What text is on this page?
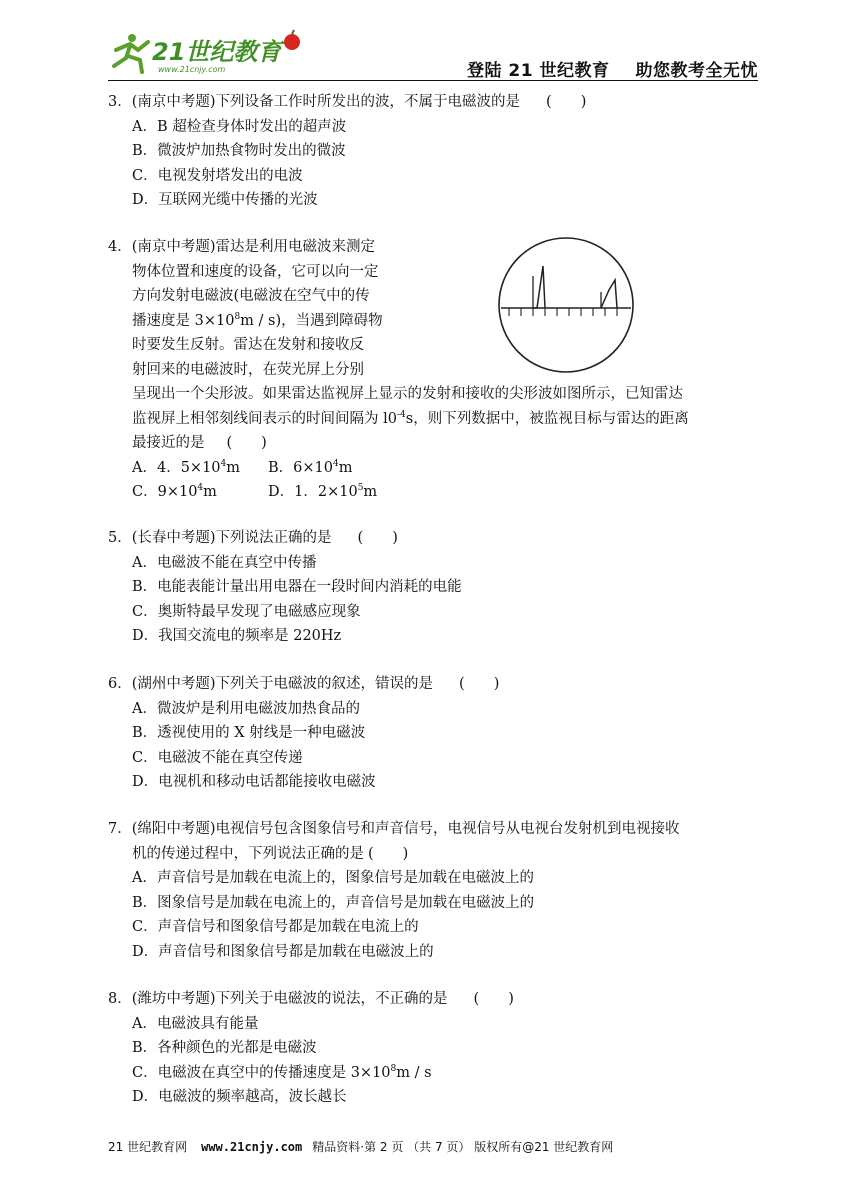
21世纪教育
www.21cnjy.com	登陆 21 世纪教育 助您教考全无忧
3．(南京中考题)下列设备工作时所发出的波，不属于电磁波的是 (　　)
A．B 超检查身体时发出的超声波
B．微波炉加热食物时发出的微波
C．电视发射塔发出的电波
D．互联网光缆中传播的光波
4．(南京中考题)雷达是利用电磁波来测定
物体位置和速度的设备，它可以向一定
方向发射电磁波(电磁波在空气中的传
播速度是 $3\times 10^8m / s$)，当遇到障碍物
时要发生反射。雷达在发射和接收反
射回来的电磁波时，在荧光屏上分别
呈现出一个尖形波。如果雷达监视屏上显示的发射和接收的尖形波如图所示，已知雷达
监视屏上相邻刻线间表示的时间间隔为 $l0^{-4}s$，则下列数据中，被监视目标与雷达的距离
最接近的是 (　　)
A．4．$5\times 10^4m$	B．$6\times 10^4m$
C．$9\times 10^4m$	D．1．$2\times 10^5m$
5．(长春中考题)下列说法正确的是 (　　)
A．电磁波不能在真空中传播
B．电能表能计量出用电器在一段时间内消耗的电能
C．奥斯特最早发现了电磁感应现象
D．我国交流电的频率是 220Hz
6．(湖州中考题)下列关于电磁波的叙述，错误的是 (　　)
A．微波炉是利用电磁波加热食品的
B．透视使用的 X 射线是一种电磁波
C．电磁波不能在真空传递
D．电视机和移动电话都能接收电磁波
7．(绵阳中考题)电视信号包含图象信号和声音信号，电视信号从电视台发射机到电视接收
机的传递过程中，下列说法正确的是 (　　)
A．声音信号是加载在电流上的，图象信号是加载在电磁波上的
B．图象信号是加载在电流上的，声音信号是加载在电磁波上的
C．声音信号和图象信号都是加载在电流上的
D．声音信号和图象信号都是加载在电磁波上的
8．(潍坊中考题)下列关于电磁波的说法，不正确的是 (　　)
A．电磁波具有能量
B．各种颜色的光都是电磁波
C．电磁波在真空中的传播速度是 $3\times 10^8m / s$
D．电磁波的频率越高，波长越长
21 世纪教育网 www.21cnjy.com 精品资料·第 2 页 （共 7 页） 版权所有@21 世纪教育网
